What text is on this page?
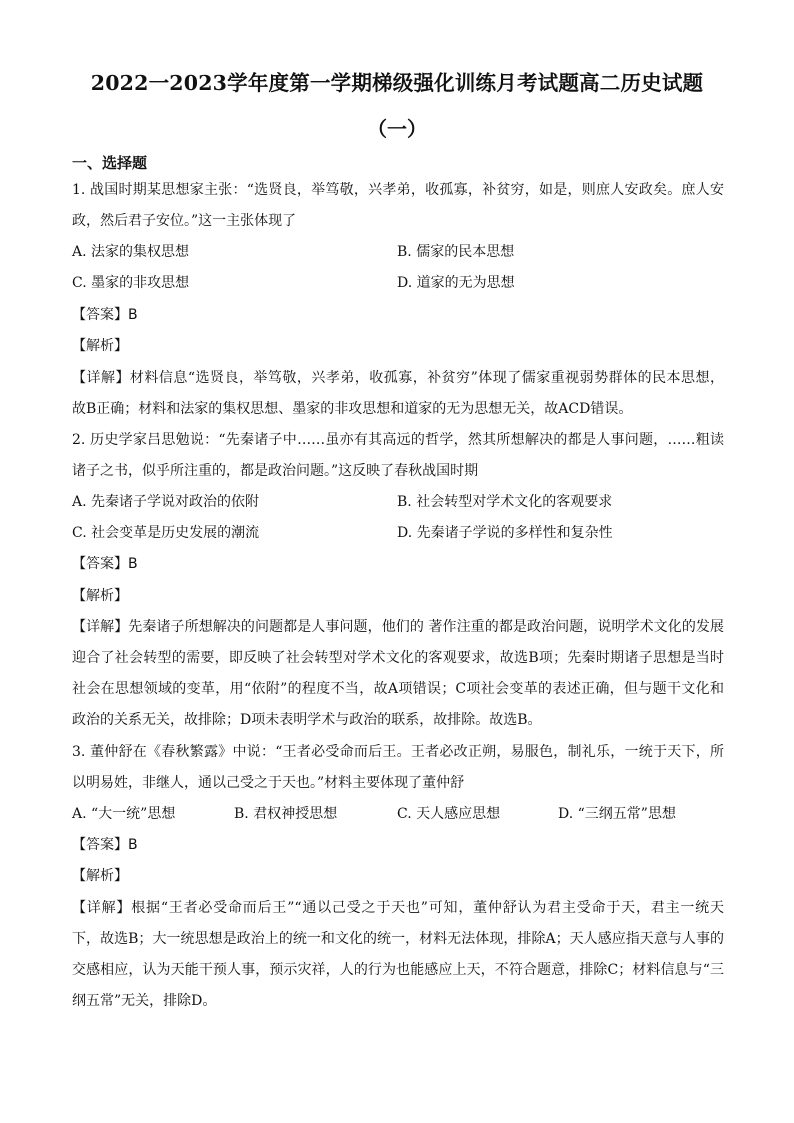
2022一2023学年度第一学期梯级强化训练月考试题高二历史试题
（一）
一、选择题
1. 战国时期某思想家主张：“选贤良，举笃敬，兴孝弟，收孤寡，补贫穷，如是，则庶人安政矣。庶人安
政，然后君子安位。”这一主张体现了
A. 法家的集权思想	B. 儒家的民本思想
C. 墨家的非攻思想	D. 道家的无为思想
【答案】B
【解析】
【详解】材料信息“选贤良，举笃敬，兴孝弟，收孤寡，补贫穷”体现了儒家重视弱势群体的民本思想，
故B正确；材料和法家的集权思想、墨家的非攻思想和道家的无为思想无关，故ACD错误。
2. 历史学家吕思勉说：“先秦诸子中……虽亦有其高远的哲学，然其所想解决的都是人事问题，……粗读
诸子之书，似乎所注重的，都是政治问题。”这反映了春秋战国时期
A. 先秦诸子学说对政治的依附	B. 社会转型对学术文化的客观要求
C. 社会变革是历史发展的潮流	D. 先秦诸子学说的多样性和复杂性
【答案】B
【解析】
【详解】先秦诸子所想解决的问题都是人事问题，他们的 著作注重的都是政治问题，说明学术文化的发展
迎合了社会转型的需要，即反映了社会转型对学术文化的客观要求，故选B项；先秦时期诸子思想是当时
社会在思想领域的变革，用“依附”的程度不当，故A项错误；C项社会变革的表述正确，但与题干文化和
政治的关系无关，故排除；D项未表明学术与政治的联系，故排除。故选B。
3. 董仲舒在《春秋繁露》中说：“王者必受命而后王。王者必改正朔，易服色，制礼乐，一统于天下，所
以明易姓，非继人，通以己受之于天也。”材料主要体现了董仲舒
A. “大一统”思想	B. 君权神授思想	C. 天人感应思想	D. “三纲五常”思想
【答案】B
【解析】
【详解】根据“王者必受命而后王”“通以己受之于天也”可知，董仲舒认为君主受命于天，君主一统天
下，故选B；大一统思想是政治上的统一和文化的统一，材料无法体现，排除A；天人感应指天意与人事的
交感相应，认为天能干预人事，预示灾祥，人的行为也能感应上天，不符合题意，排除C；材料信息与“三
纲五常”无关，排除D。
